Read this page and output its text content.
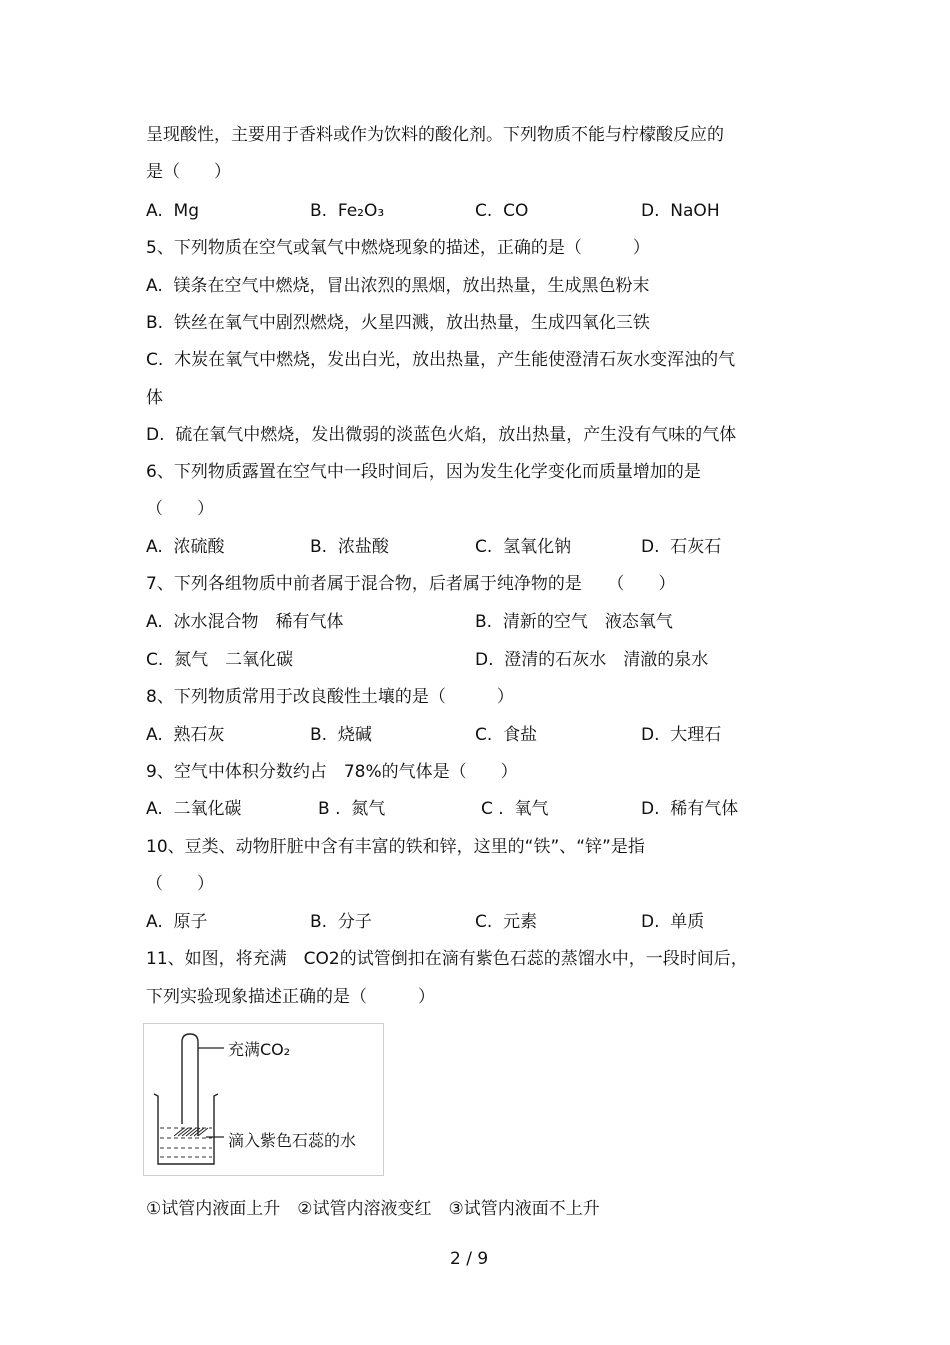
呈现酸性，主要用于香料或作为饮料的酸化剂。下列物质不能与柠檬酸反应的
是（　　）
A.  Mg	B.  Fe₂O₃	C.  CO	D.  NaOH
5、下列物质在空气或氧气中燃烧现象的描述，正确的是（　　　）
A.  镁条在空气中燃烧，冒出浓烈的黑烟，放出热量，生成黑色粉末
B.  铁丝在氧气中剧烈燃烧，火星四溅，放出热量，生成四氧化三铁
C.  木炭在氧气中燃烧，发出白光，放出热量，产生能使澄清石灰水变浑浊的气
体
D.  硫在氧气中燃烧，发出微弱的淡蓝色火焰，放出热量，产生没有气味的气体
6、下列物质露置在空气中一段时间后，因为发生化学变化而质量增加的是
（　　）
A.  浓硫酸	B.  浓盐酸	C.  氢氧化钠	D.  石灰石
7、下列各组物质中前者属于混合物，后者属于纯净物的是　　（　　）
A.  冰水混合物　稀有气体	B.  清新的空气　液态氧气
C.  氮气　二氧化碳	D.  澄清的石灰水　清澈的泉水
8、下列物质常用于改良酸性土壤的是（　　　）
A.  熟石灰	B.  烧碱	C.  食盐	D.  大理石
9、空气中体积分数约占　78%的气体是（　　）
A.  二氧化碳	B .  氮气	C .  氧气	D.  稀有气体
10、豆类、动物肝脏中含有丰富的铁和锌，这里的“铁”、“锌”是指
（　　）
A.  原子	B.  分子	C.  元素	D.  单质
11、如图，将充满　CO2的试管倒扣在滴有紫色石蕊的蒸馏水中，一段时间后，
下列实验现象描述正确的是（　　　）
充满CO₂
滴入紫色石蕊的水
①试管内液面上升　②试管内溶液变红　③试管内液面不上升
2 / 9
